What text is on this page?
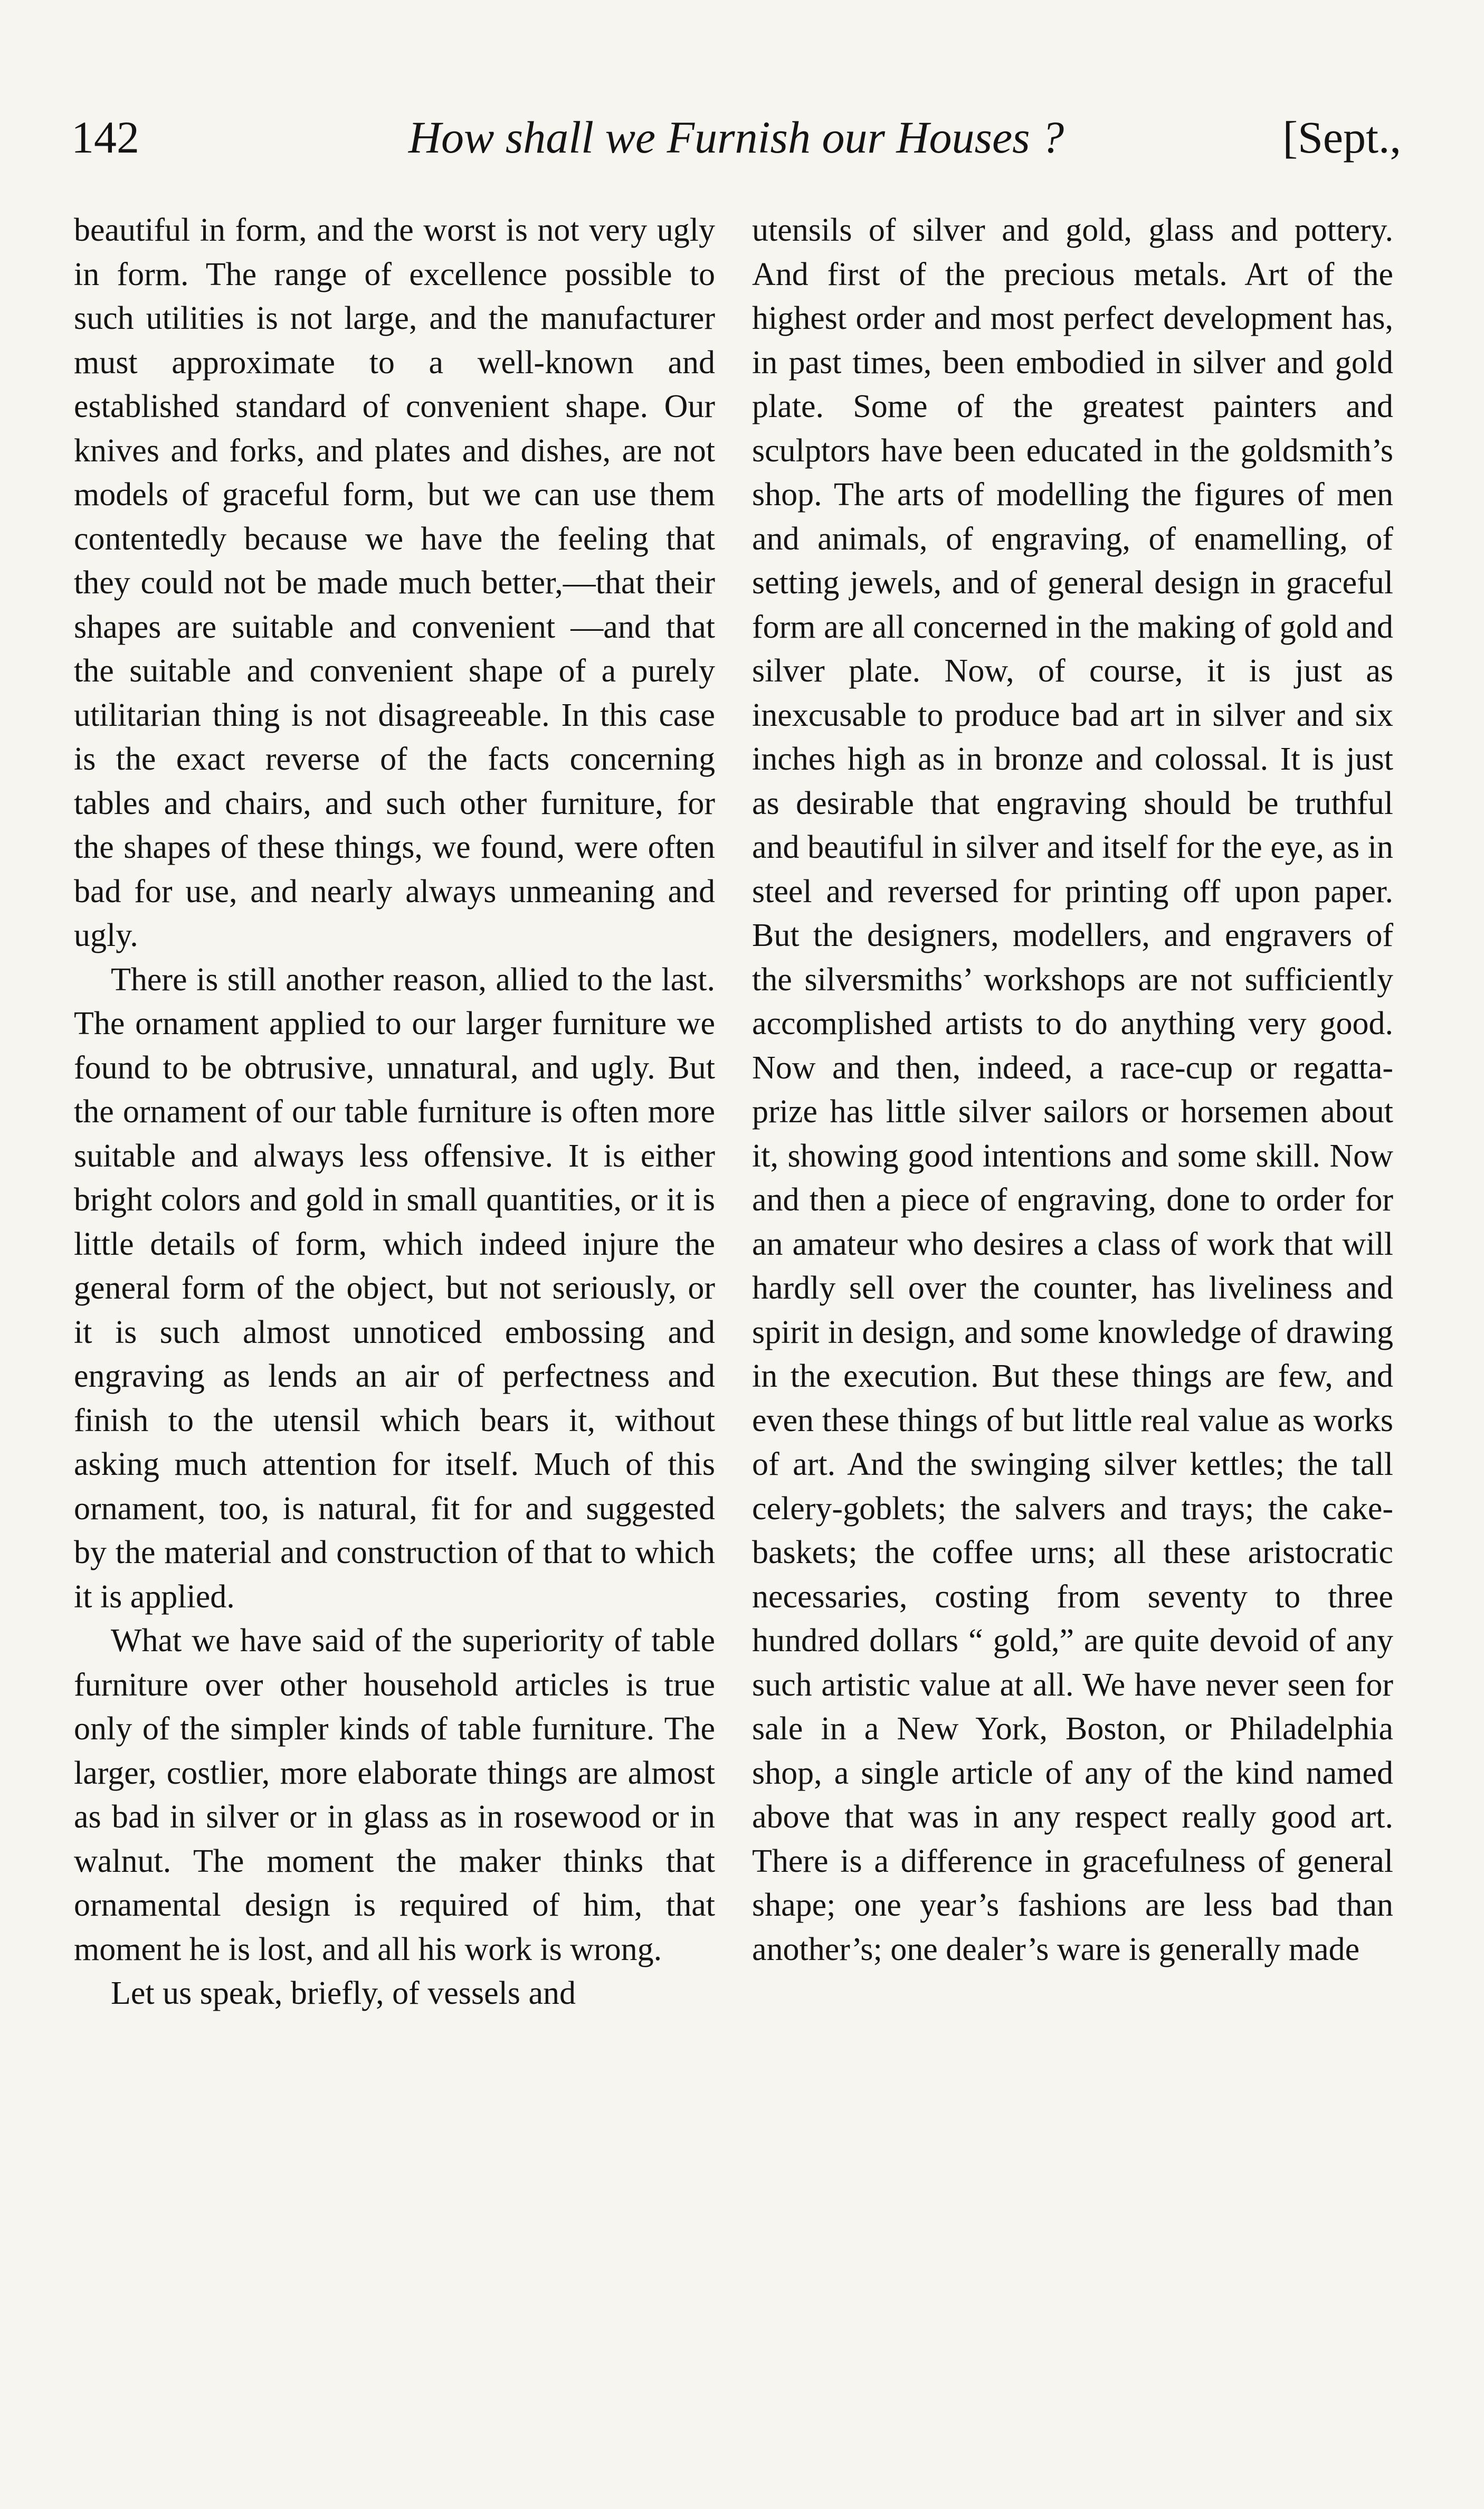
142	How shall we Furnish our Houses ?	[Sept.,

beautiful in form, and the worst is not very ugly in form. The range of excellence possible to such utilities is not large, and the manufacturer must approximate to a well-known and established standard of convenient shape. Our knives and forks, and plates and dishes, are not models of graceful form, but we can use them contentedly because we have the feeling that they could not be made much better,—that their shapes are suitable and convenient —and that the suitable and convenient shape of a purely utilitarian thing is not disagreeable. In this case is the exact reverse of the facts concerning tables and chairs, and such other furniture, for the shapes of these things, we found, were often bad for use, and nearly always unmeaning and ugly.

There is still another reason, allied to the last. The ornament applied to our larger furniture we found to be obtrusive, unnatural, and ugly. But the ornament of our table furniture is often more suitable and always less offensive. It is either bright colors and gold in small quantities, or it is little details of form, which indeed injure the general form of the object, but not seriously, or it is such almost unnoticed embossing and engraving as lends an air of perfectness and finish to the utensil which bears it, without asking much attention for itself. Much of this ornament, too, is natural, fit for and suggested by the material and construction of that to which it is applied.

What we have said of the superiority of table furniture over other household articles is true only of the simpler kinds of table furniture. The larger, costlier, more elaborate things are almost as bad in silver or in glass as in rosewood or in walnut. The moment the maker thinks that ornamental design is required of him, that moment he is lost, and all his work is wrong.

Let us speak, briefly, of vessels and

utensils of silver and gold, glass and pottery. And first of the precious metals. Art of the highest order and most perfect development has, in past times, been embodied in silver and gold plate. Some of the greatest painters and sculptors have been educated in the goldsmith’s shop. The arts of modelling the figures of men and animals, of engraving, of enamelling, of setting jewels, and of general design in graceful form are all concerned in the making of gold and silver plate. Now, of course, it is just as inexcusable to produce bad art in silver and six inches high as in bronze and colossal. It is just as desirable that engraving should be truthful and beautiful in silver and itself for the eye, as in steel and reversed for printing off upon paper. But the designers, modellers, and engravers of the silversmiths’ workshops are not sufficiently accomplished artists to do anything very good. Now and then, indeed, a race-cup or regatta-prize has little silver sailors or horsemen about it, showing good intentions and some skill. Now and then a piece of engraving, done to order for an amateur who desires a class of work that will hardly sell over the counter, has liveliness and spirit in design, and some knowledge of drawing in the execution. But these things are few, and even these things of but little real value as works of art. And the swinging silver kettles; the tall celery-goblets; the salvers and trays; the cake-baskets; the coffee urns; all these aristocratic necessaries, costing from seventy to three hundred dollars “ gold,” are quite devoid of any such artistic value at all. We have never seen for sale in a New York, Boston, or Philadelphia shop, a single article of any of the kind named above that was in any respect really good art. There is a difference in gracefulness of general shape; one year’s fashions are less bad than another’s; one dealer’s ware is generally made
